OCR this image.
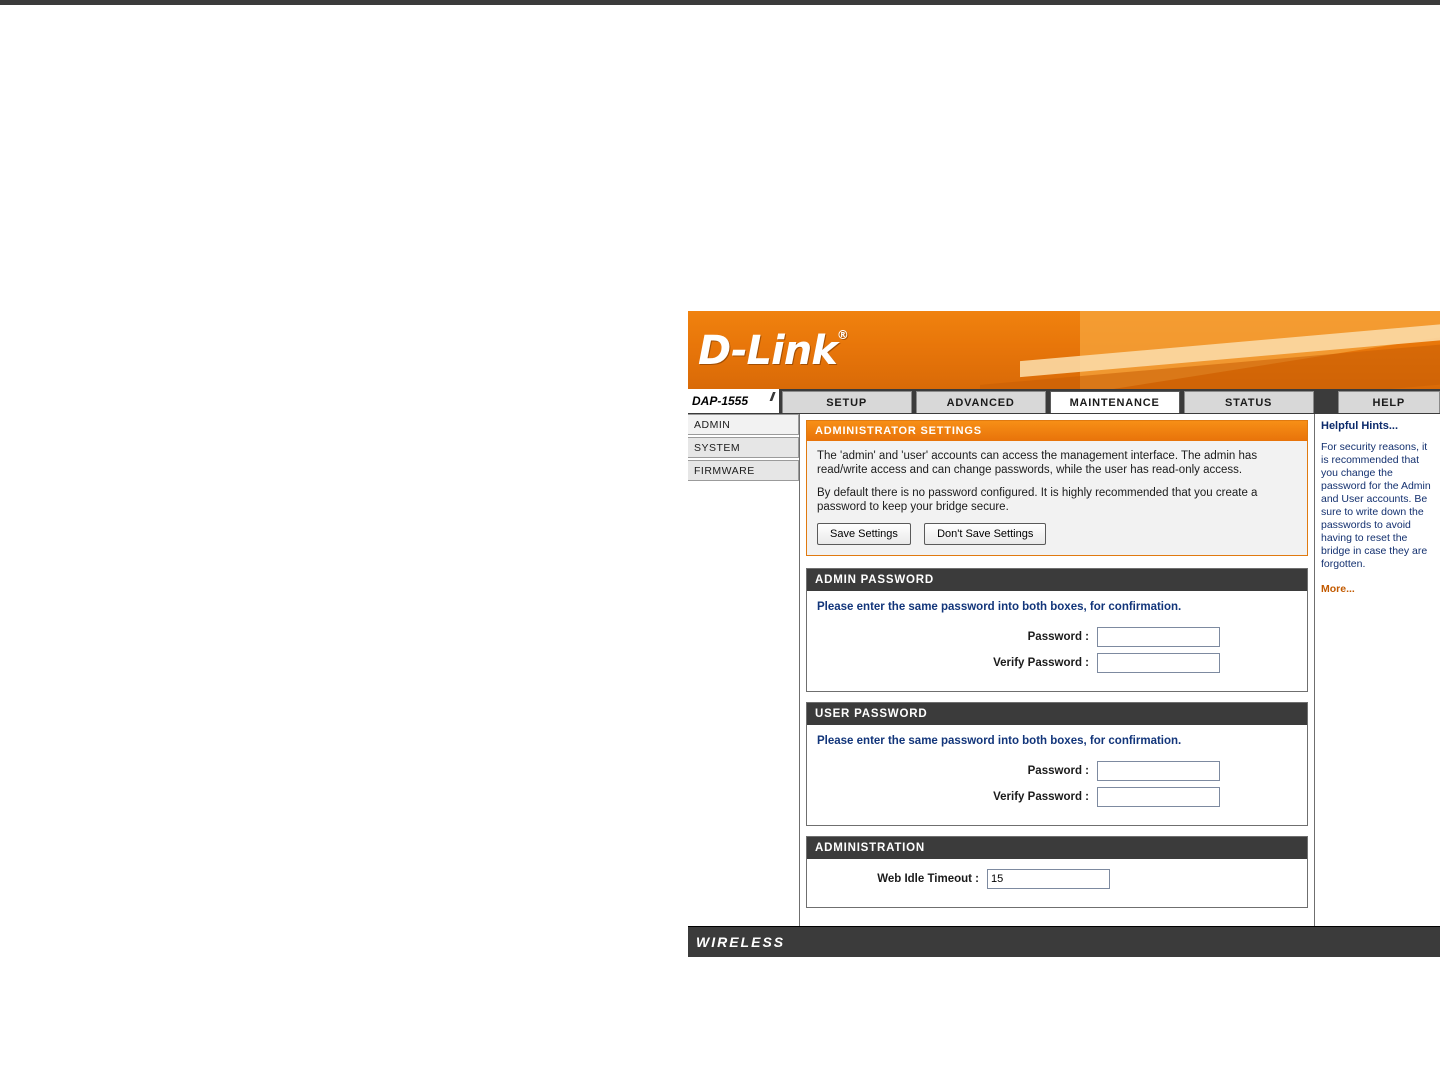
D-Link®
DAP-1555 //	SETUP	ADVANCED	MAINTENANCE	STATUS	HELP
ADMIN
SYSTEM
FIRMWARE
ADMINISTRATOR SETTINGS

The 'admin' and 'user' accounts can access the management interface. The admin has read/write access and can change passwords, while the user has read-only access.

By default there is no password configured. It is highly recommended that you create a password to keep your bridge secure.

Save Settings	Don't Save Settings
ADMIN PASSWORD

Please enter the same password into both boxes, for confirmation.

Password :
Verify Password :
USER PASSWORD

Please enter the same password into both boxes, for confirmation.

Password :
Verify Password :
ADMINISTRATION
Web Idle Timeout :
15
Helpful Hints...

For security reasons, it is recommended that you change the password for the Admin and User accounts. Be sure to write down the passwords to avoid having to reset the bridge in case they are forgotten.

More...
WIRELESS
